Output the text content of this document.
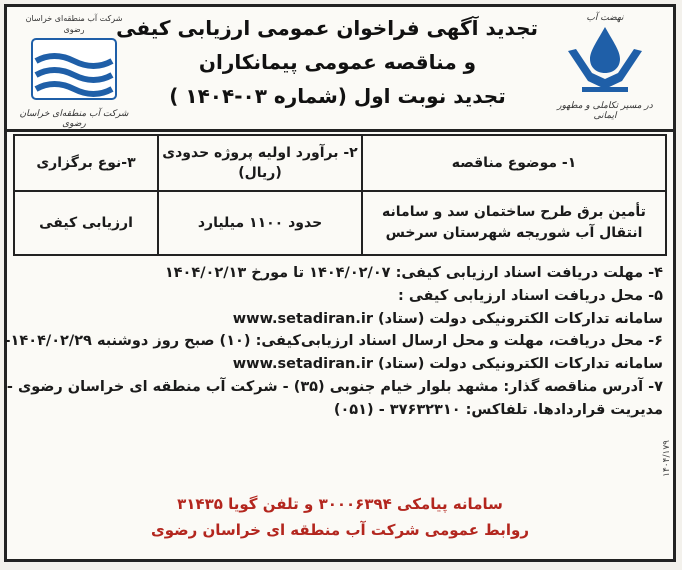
نهضت آب
در مسیر تکاملی و مطهور ایمانی
تجدید آگهی فراخوان عمومی ارزیابی کیفی
و مناقصه عمومی پیمانکاران
تجدید نوبت اول (شماره ۰۳-۱۴۰۴ )
شرکت آب منطقه‌ای خراسان رضوی
شرکت آب منطقه‌ای خراسان رضوی
۱- موضوع مناقصه	۲- برآورد اولیه پروژه حدودی (ریال)	۳-نوع برگزاری
تأمین برق طرح ساختمان سد و سامانه انتقال آب شوریجه شهرستان سرخس	حدود ۱۱۰۰ میلیارد	ارزیابی کیفی
۴- مهلت دریافت اسناد ارزیابی کیفی: ۱۴۰۴/۰۲/۰۷ تا مورخ ۱۴۰۴/۰۲/۱۳
۵- محل دریافت اسناد ارزیابی کیفی :
سامانه تدارکات الکترونیکی دولت (ستاد) www.setadiran.ir
۶- محل دریافت، مهلت و محل ارسال اسناد ارزیابی‌کیفی: (۱۰) صبح روز دوشنبه ۱۴۰۴/۰۲/۲۹-
سامانه تدارکات الکترونیکی دولت (ستاد) www.setadiran.ir
۷- آدرس مناقصه گذار: مشهد بلوار خیام جنوبی (۳۵) - شرکت آب منطقه ای خراسان رضوی -
مدیریت قراردادها. تلفاکس: ۳۷۶۳۲۳۱۰ - (۰۵۱)
سامانه پیامکی ۳۰۰۰۶۳۹۴ و تلفن گویا ۳۱۴۳۵
روابط عمومی شرکت آب منطقه ای خراسان رضوی
۱۴۰۴/۱۷۹
